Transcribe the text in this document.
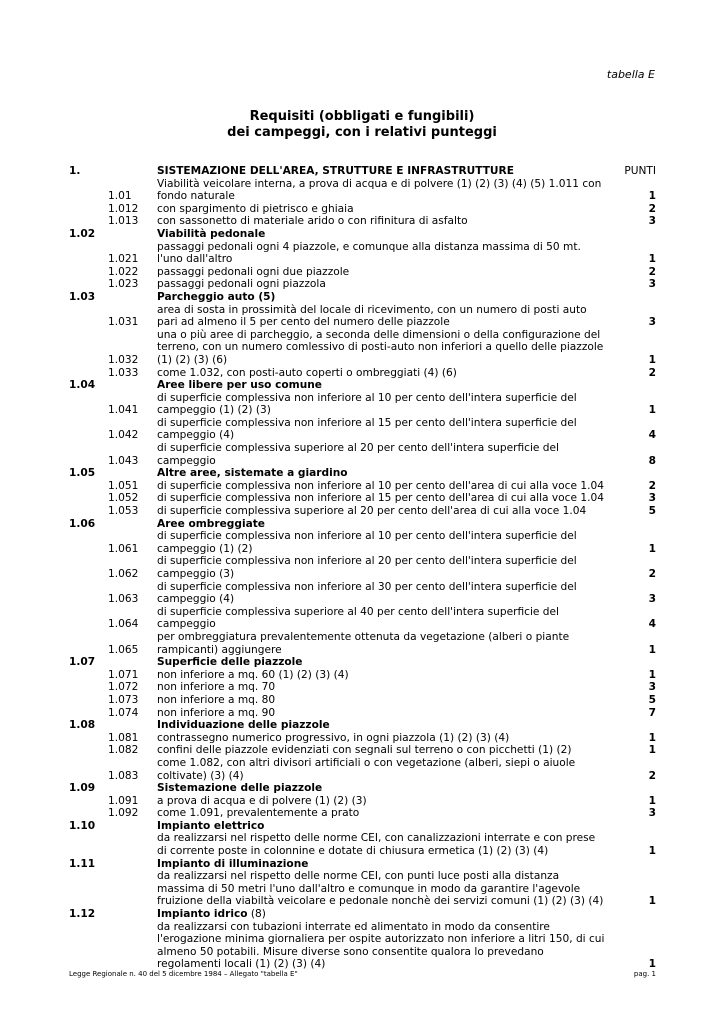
tabella E
Requisiti (obbligati e fungibili)
dei campeggi, con i relativi punteggi
1.		SISTEMAZIONE DELL'AREA, STRUTTURE E INFRASTRUTTURE	PUNTI
	1.01	Viabilità veicolare interna, a prova di acqua e di polvere (1) (2) (3) (4) (5) 1.011 con fondo naturale	1
	1.012	con spargimento di pietrisco e ghiaia	2
	1.013	con sassonetto di materiale arido o con rifinitura di asfalto	3
1.02		Viabilità pedonale	
	1.021	passaggi pedonali ogni 4 piazzole, e comunque alla distanza massima di 50 mt. l'uno dall'altro	1
	1.022	passaggi pedonali ogni due piazzole	2
	1.023	passaggi pedonali ogni piazzola	3
1.03		Parcheggio auto (5)	
	1.031	area di sosta in prossimità del locale di ricevimento, con un numero di posti auto pari ad almeno il 5 per cento del numero delle piazzole	3
	1.032	una o più aree di parcheggio, a seconda delle dimensioni o della configurazione del terreno, con un numero comlessivo di posti-auto non inferiori a quello delle piazzole (1) (2) (3) (6)	1
	1.033	come 1.032, con posti-auto coperti o ombreggiati (4) (6)	2
1.04		Aree libere per uso comune	
	1.041	di superficie complessiva non inferiore al 10 per cento dell'intera superficie del campeggio (1) (2) (3)	1
	1.042	di superficie complessiva non inferiore al 15 per cento dell'intera superficie del campeggio (4)	4
	1.043	di superficie complessiva superiore al 20 per cento dell'intera superficie del campeggio	8
1.05		Altre aree, sistemate a giardino	
	1.051	di superficie complessiva non inferiore al 10 per cento dell'area di cui alla voce 1.04	2
	1.052	di superficie complessiva non inferiore al 15 per cento dell'area di cui alla voce 1.04	3
	1.053	di superficie complessiva superiore al 20 per cento dell'area di cui alla voce 1.04	5
1.06		Aree ombreggiate	
	1.061	di superficie complessiva non inferiore al 10 per cento dell'intera superficie del campeggio (1) (2)	1
	1.062	di superficie complessiva non inferiore al 20 per cento dell'intera superficie del campeggio (3)	2
	1.063	di superficie complessiva non inferiore al 30 per cento dell'intera superficie del campeggio (4)	3
	1.064	di superficie complessiva superiore al 40 per cento dell'intera superficie del campeggio	4
	1.065	per ombreggiatura prevalentemente ottenuta da vegetazione (alberi o piante rampicanti) aggiungere	1
1.07		Superficie delle piazzole	
	1.071	non inferiore a mq. 60 (1) (2) (3) (4)	1
	1.072	non inferiore a mq. 70	3
	1.073	non inferiore a mq. 80	5
	1.074	non inferiore a mq. 90	7
1.08		Individuazione delle piazzole	
	1.081	contrassegno numerico progressivo, in ogni piazzola (1) (2) (3) (4)	1
	1.082	confini delle piazzole evidenziati con segnali sul terreno o con picchetti (1) (2)	1
	1.083	come 1.082, con altri divisori artificiali o con vegetazione (alberi, siepi o aiuole coltivate) (3) (4)	2
1.09		Sistemazione delle piazzole	
	1.091	a prova di acqua e di polvere (1) (2) (3)	1
	1.092	come 1.091, prevalentemente a prato	3
1.10		Impianto elettrico	
		da realizzarsi nel rispetto delle norme CEI, con canalizzazioni interrate e con prese di corrente poste in colonnine e dotate di chiusura ermetica (1) (2) (3) (4)	1
1.11		Impianto di illuminazione	
		da realizzarsi nel rispetto delle norme CEI, con punti luce posti alla distanza massima di 50 metri l'uno dall'altro e comunque in modo da garantire l'agevole fruizione della viabiltà veicolare e pedonale nonchè dei servizi comuni (1) (2) (3) (4)	1
1.12		Impianto idrico (8)	
		da realizzarsi con tubazioni interrate ed alimentato in modo da consentire l'erogazione minima giornaliera per ospite autorizzato non inferiore a litri 150, di cui almeno 50 potabili. Misure diverse sono consentite qualora lo prevedano regolamenti locali (1) (2) (3) (4)	1
Legge Regionale n. 40 del 5 dicembre 1984 – Allegato "tabella E"	pag. 1
